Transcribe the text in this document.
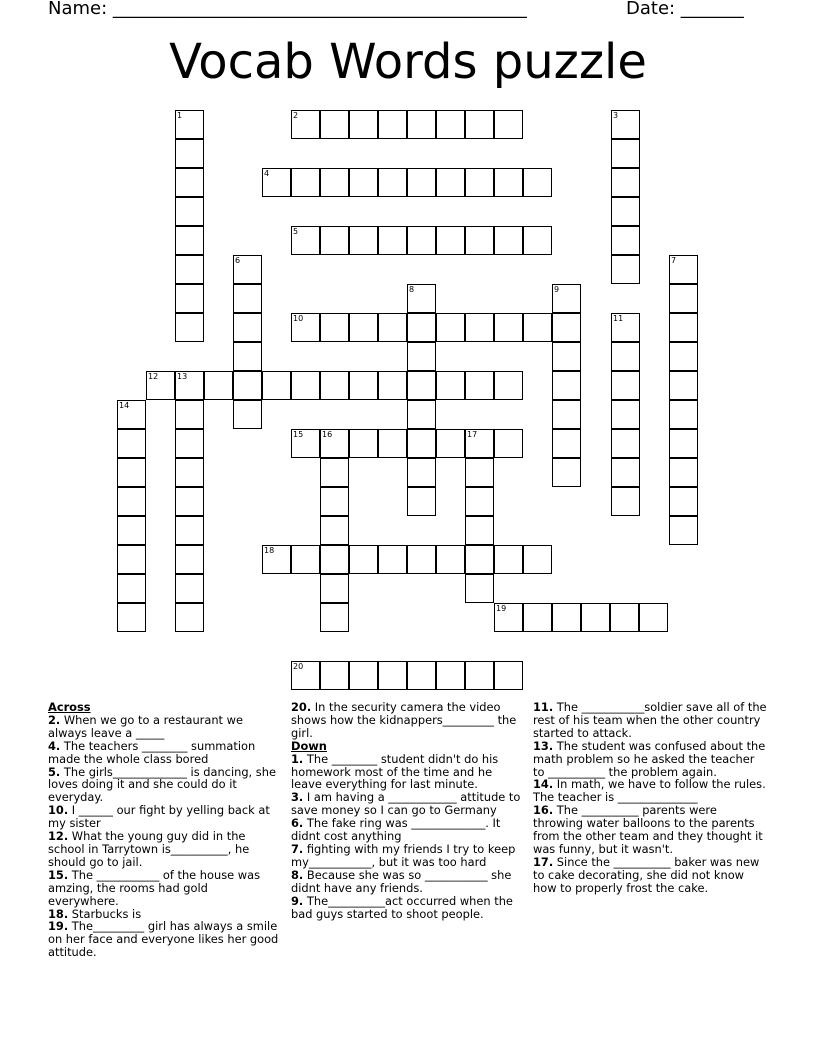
Name: ______________________________________________	Date: _______
Vocab Words puzzle
1	2	3
4
5
6	7
8	9
10	11
12 13
14
15 16	17
18
19
20
Across
2. When we go to a restaurant we always leave a _____
4. The teachers ________ summation made the whole class bored
5. The girls_____________ is dancing, she loves doing it and she could do it everyday.
10. I ______ our fight by yelling back at my sister
12. What the young guy did in the school in Tarrytown is__________, he should go to jail.
15. The ___________ of the house was amzing, the rooms had gold everywhere.
18. Starbucks is
19. The_________ girl has always a smile on her face and everyone likes her good attitude.
20. In the security camera the video shows how the kidnappers_________ the girl.
Down
1. The ________ student didn't do his homework most of the time and he leave everything for last minute.
3. I am having a ____________ attitude to save money so I can go to Germany
6. The fake ring was _____________. It didnt cost anything
7. fighting with my friends I try to keep my___________, but it was too hard
8. Because she was so ___________ she didnt have any friends.
9. The__________act occurred when the bad guys started to shoot people.
11. The ___________soldier save all of the rest of his team when the other country started to attack.
13. The student was confused about the math problem so he asked the teacher to __________ the problem again.
14. In math, we have to follow the rules. The teacher is ______________
16. The __________ parents were throwing water balloons to the parents from the other team and they thought it was funny, but it wasn't.
17. Since the __________ baker was new to cake decorating, she did not know how to properly frost the cake.
